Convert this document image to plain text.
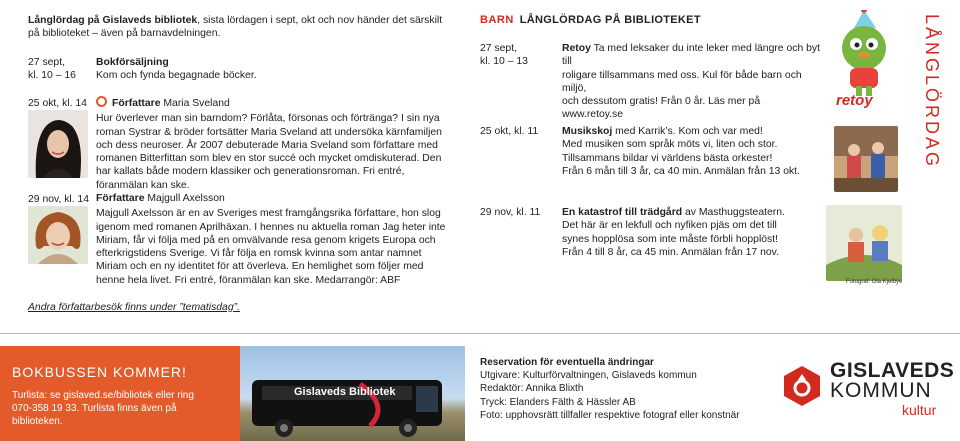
Långlördag på Gislaveds bibliotek, sista lördagen i sept, okt och nov händer det särskilt på biblioteket – även på barnavdelningen.
27 sept,
kl. 10 – 16
Bokförsäljning
Kom och fynda begagnade böcker.
25 okt, kl. 14	Författare Maria Sveland
Hur överlever man sin barndom? Förlåta, försonas och förtränga? I sin nya roman Systrar & bröder fortsätter Maria Sveland att undersöka kärnfamiljen och dess neuroser. År 2007 debuterade Maria Sveland som författare med romanen Bitterfittan som blev en stor succé och mycket omdiskuterad. Den har kallats både modern klassiker och generationsroman. Fri entré, föranmälan kan ske.
29 nov, kl. 14 Författare Majgull Axelsson
Majgull Axelsson är en av Sveriges mest framgångsrika författare, hon slog igenom med romanen Aprilhäxan. I hennes nu aktuella roman Jag heter inte Miriam, får vi följa med på en omvälvande resa genom krigets Europa och efterkrigstidens Sverige. Vi får följa en romsk kvinna som antar namnet Miriam och en ny identitet för att överleva. En hemlighet som följer med henne hela livet. Fri entré, föranmälan kan ske. Medarrangör: ABF
Andra författarbesök finns under ”tematisdag”.
BARN LÅNGLÖRDAG PÅ BIBLIOTEKET	LÅNGLÖRDAG
27 sept,
kl. 10 – 13
Retoy Ta med leksaker du inte leker med längre och byt till
roligare tillsammans med oss. Kul för både barn och miljö,
och dessutom gratis! Från 0 år. Läs mer på www.retoy.se
retoy
25 okt, kl. 11 Musikskoj med Karrik’s. Kom och var med!
Med musiken som språk möts vi, liten och stor.
Tillsammans bildar vi världens bästa orkester!
Från 6 mån till 3 år, ca 40 min. Anmälan från 13 okt.
29 nov, kl. 11 En katastrof till trädgård av Masthuggsteatern.
Det här är en lekfull och nyfiken pjäs om det till
synes hopplösa som inte måste förbli hopplöst!
Från 4 till 8 år, ca 45 min. Anmälan från 17 nov.
Fotograf: Ola Kjelbye
BOKBUSSEN KOMMER!
Turlista: se gislaved.se/bibliotek eller ring
070-358 19 33. Turlista finns även på biblioteken.
Gislaveds Bibliotek
Reservation för eventuella ändringar
Utgivare: Kulturförvaltningen, Gislaveds kommun
Redaktör: Annika Blixth
Tryck: Elanders Fälth & Hässler AB
Foto: upphovsrätt tillfaller respektive fotograf eller konstnär
GISLAVEDS
KOMMUN
kultur
